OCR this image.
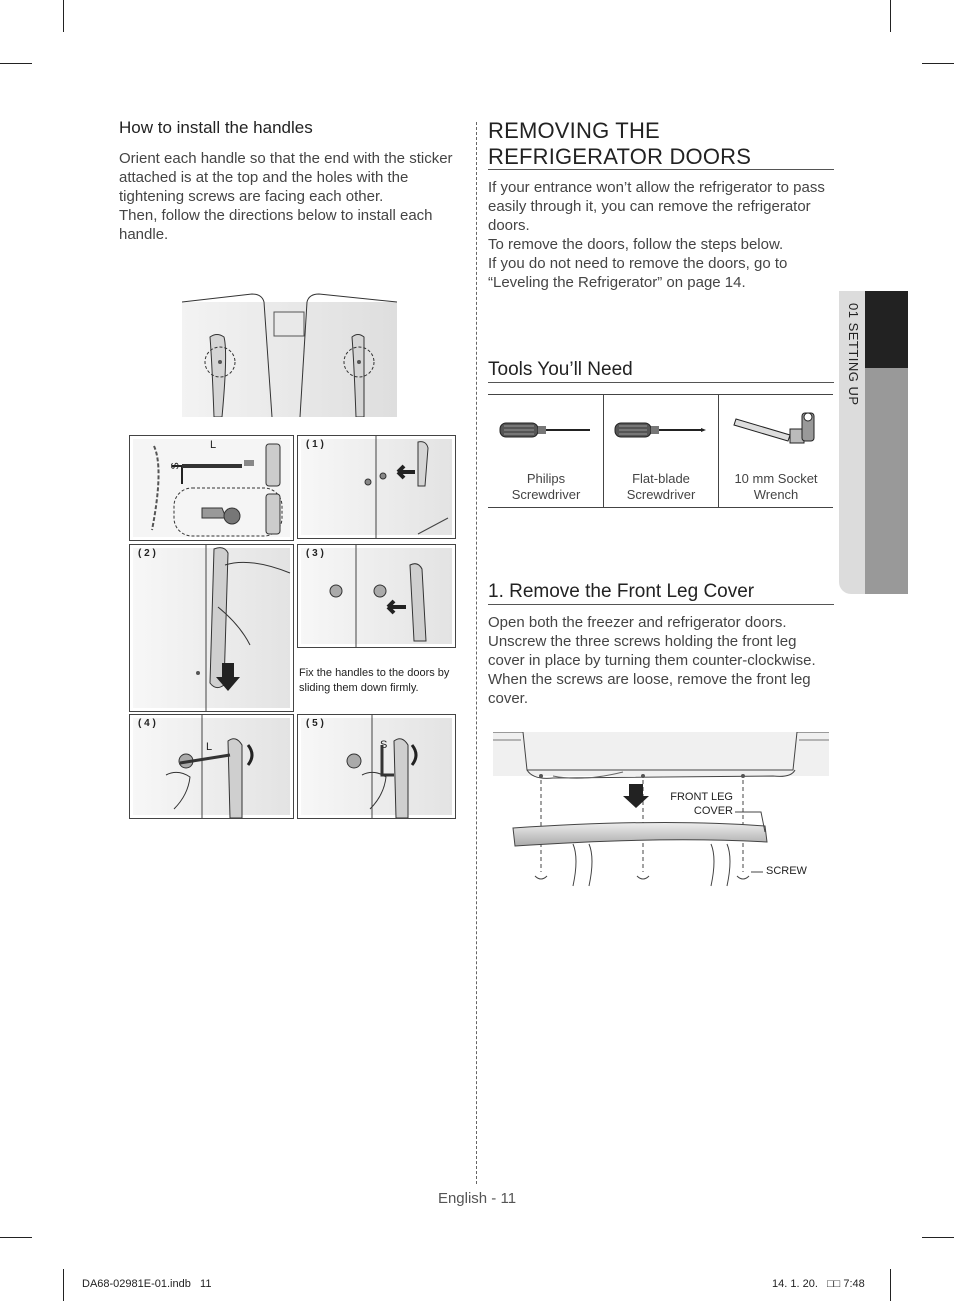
How to install the handles
Orient each handle so that the end with the sticker attached is at the top and the holes with the tightening screws are facing each other.
Then, follow the directions below to install each handle.
L
S
( 1 )
( 2 )	( 3 )
Fix the handles to the doors by sliding them down firmly.
( 4 )
L
( 5 )
S
REMOVING THE REFRIGERATOR DOORS
If your entrance won’t allow the refrigerator to pass easily through it, you can remove the refrigerator doors.
To remove the doors, follow the steps below.
If you do not need to remove the doors, go to “Leveling the Refrigerator” on page 14.
Tools You’ll Need
Philips Screwdriver
Flat-blade Screwdriver
10 mm Socket Wrench
1. Remove the Front Leg Cover
Open both the freezer and refrigerator doors.
Unscrew the three screws holding the front leg cover in place by turning them counter-clockwise.
When the screws are loose, remove the front leg cover.
FRONT LEG
COVER
SCREW
01 SETTING UP
English - 11
DA68-02981E-01.indb   11	14. 1. 20.   □□ 7:48
